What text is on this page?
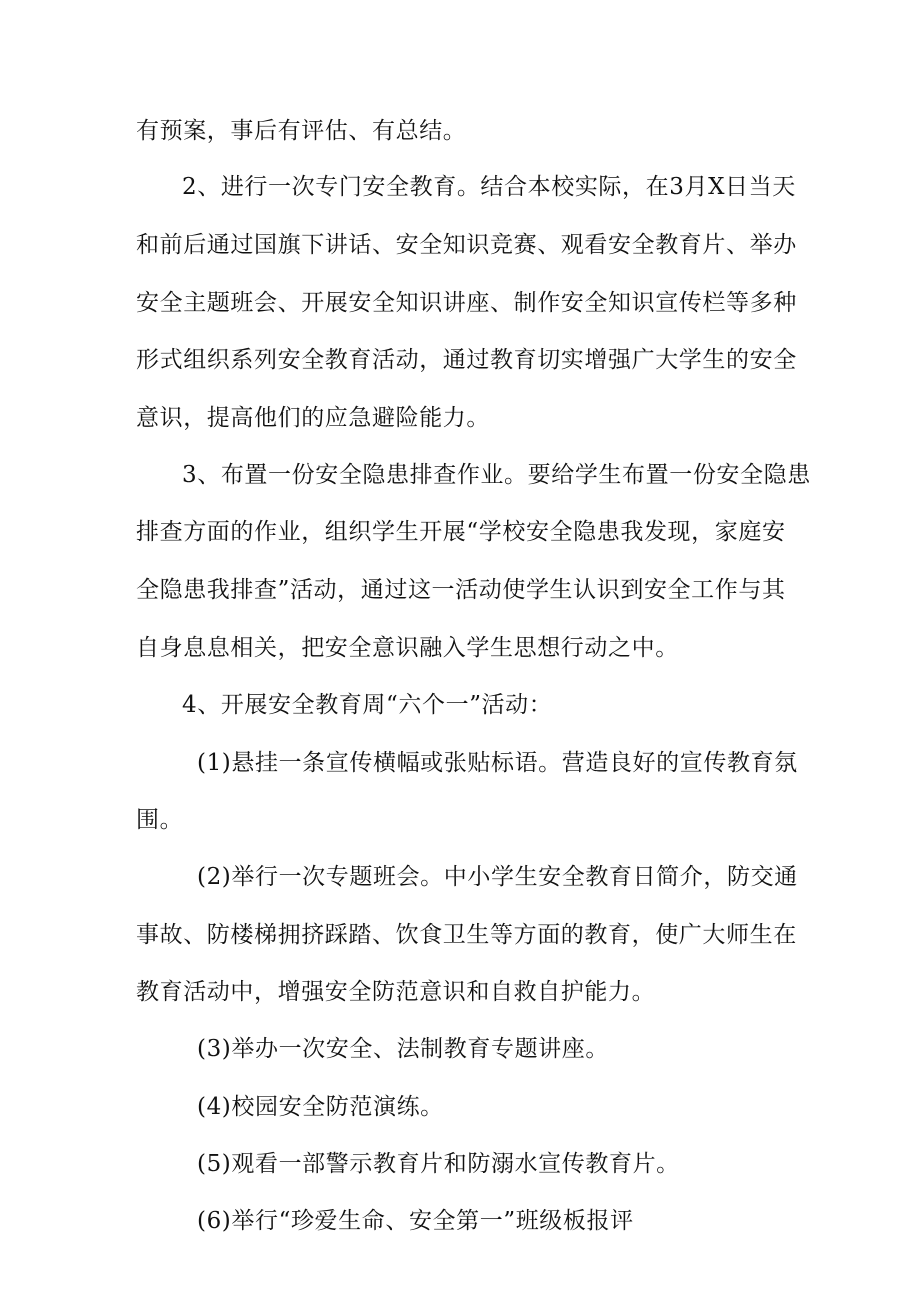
有预案，事后有评估、有总结。
2、进行一次专门安全教育。结合本校实际，在3月X日当天
和前后通过国旗下讲话、安全知识竞赛、观看安全教育片、举办
安全主题班会、开展安全知识讲座、制作安全知识宣传栏等多种
形式组织系列安全教育活动，通过教育切实增强广大学生的安全
意识，提高他们的应急避险能力。
3、布置一份安全隐患排查作业。要给学生布置一份安全隐患
排查方面的作业，组织学生开展“学校安全隐患我发现，家庭安
全隐患我排查”活动，通过这一活动使学生认识到安全工作与其
自身息息相关，把安全意识融入学生思想行动之中。
4、开展安全教育周“六个一”活动：
(1)悬挂一条宣传横幅或张贴标语。营造良好的宣传教育氛
围。
(2)举行一次专题班会。中小学生安全教育日简介，防交通
事故、防楼梯拥挤踩踏、饮食卫生等方面的教育，使广大师生在
教育活动中，增强安全防范意识和自救自护能力。
(3)举办一次安全、法制教育专题讲座。
(4)校园安全防范演练。
(5)观看一部警示教育片和防溺水宣传教育片。
(6)举行“珍爱生命、安全第一”班级板报评
